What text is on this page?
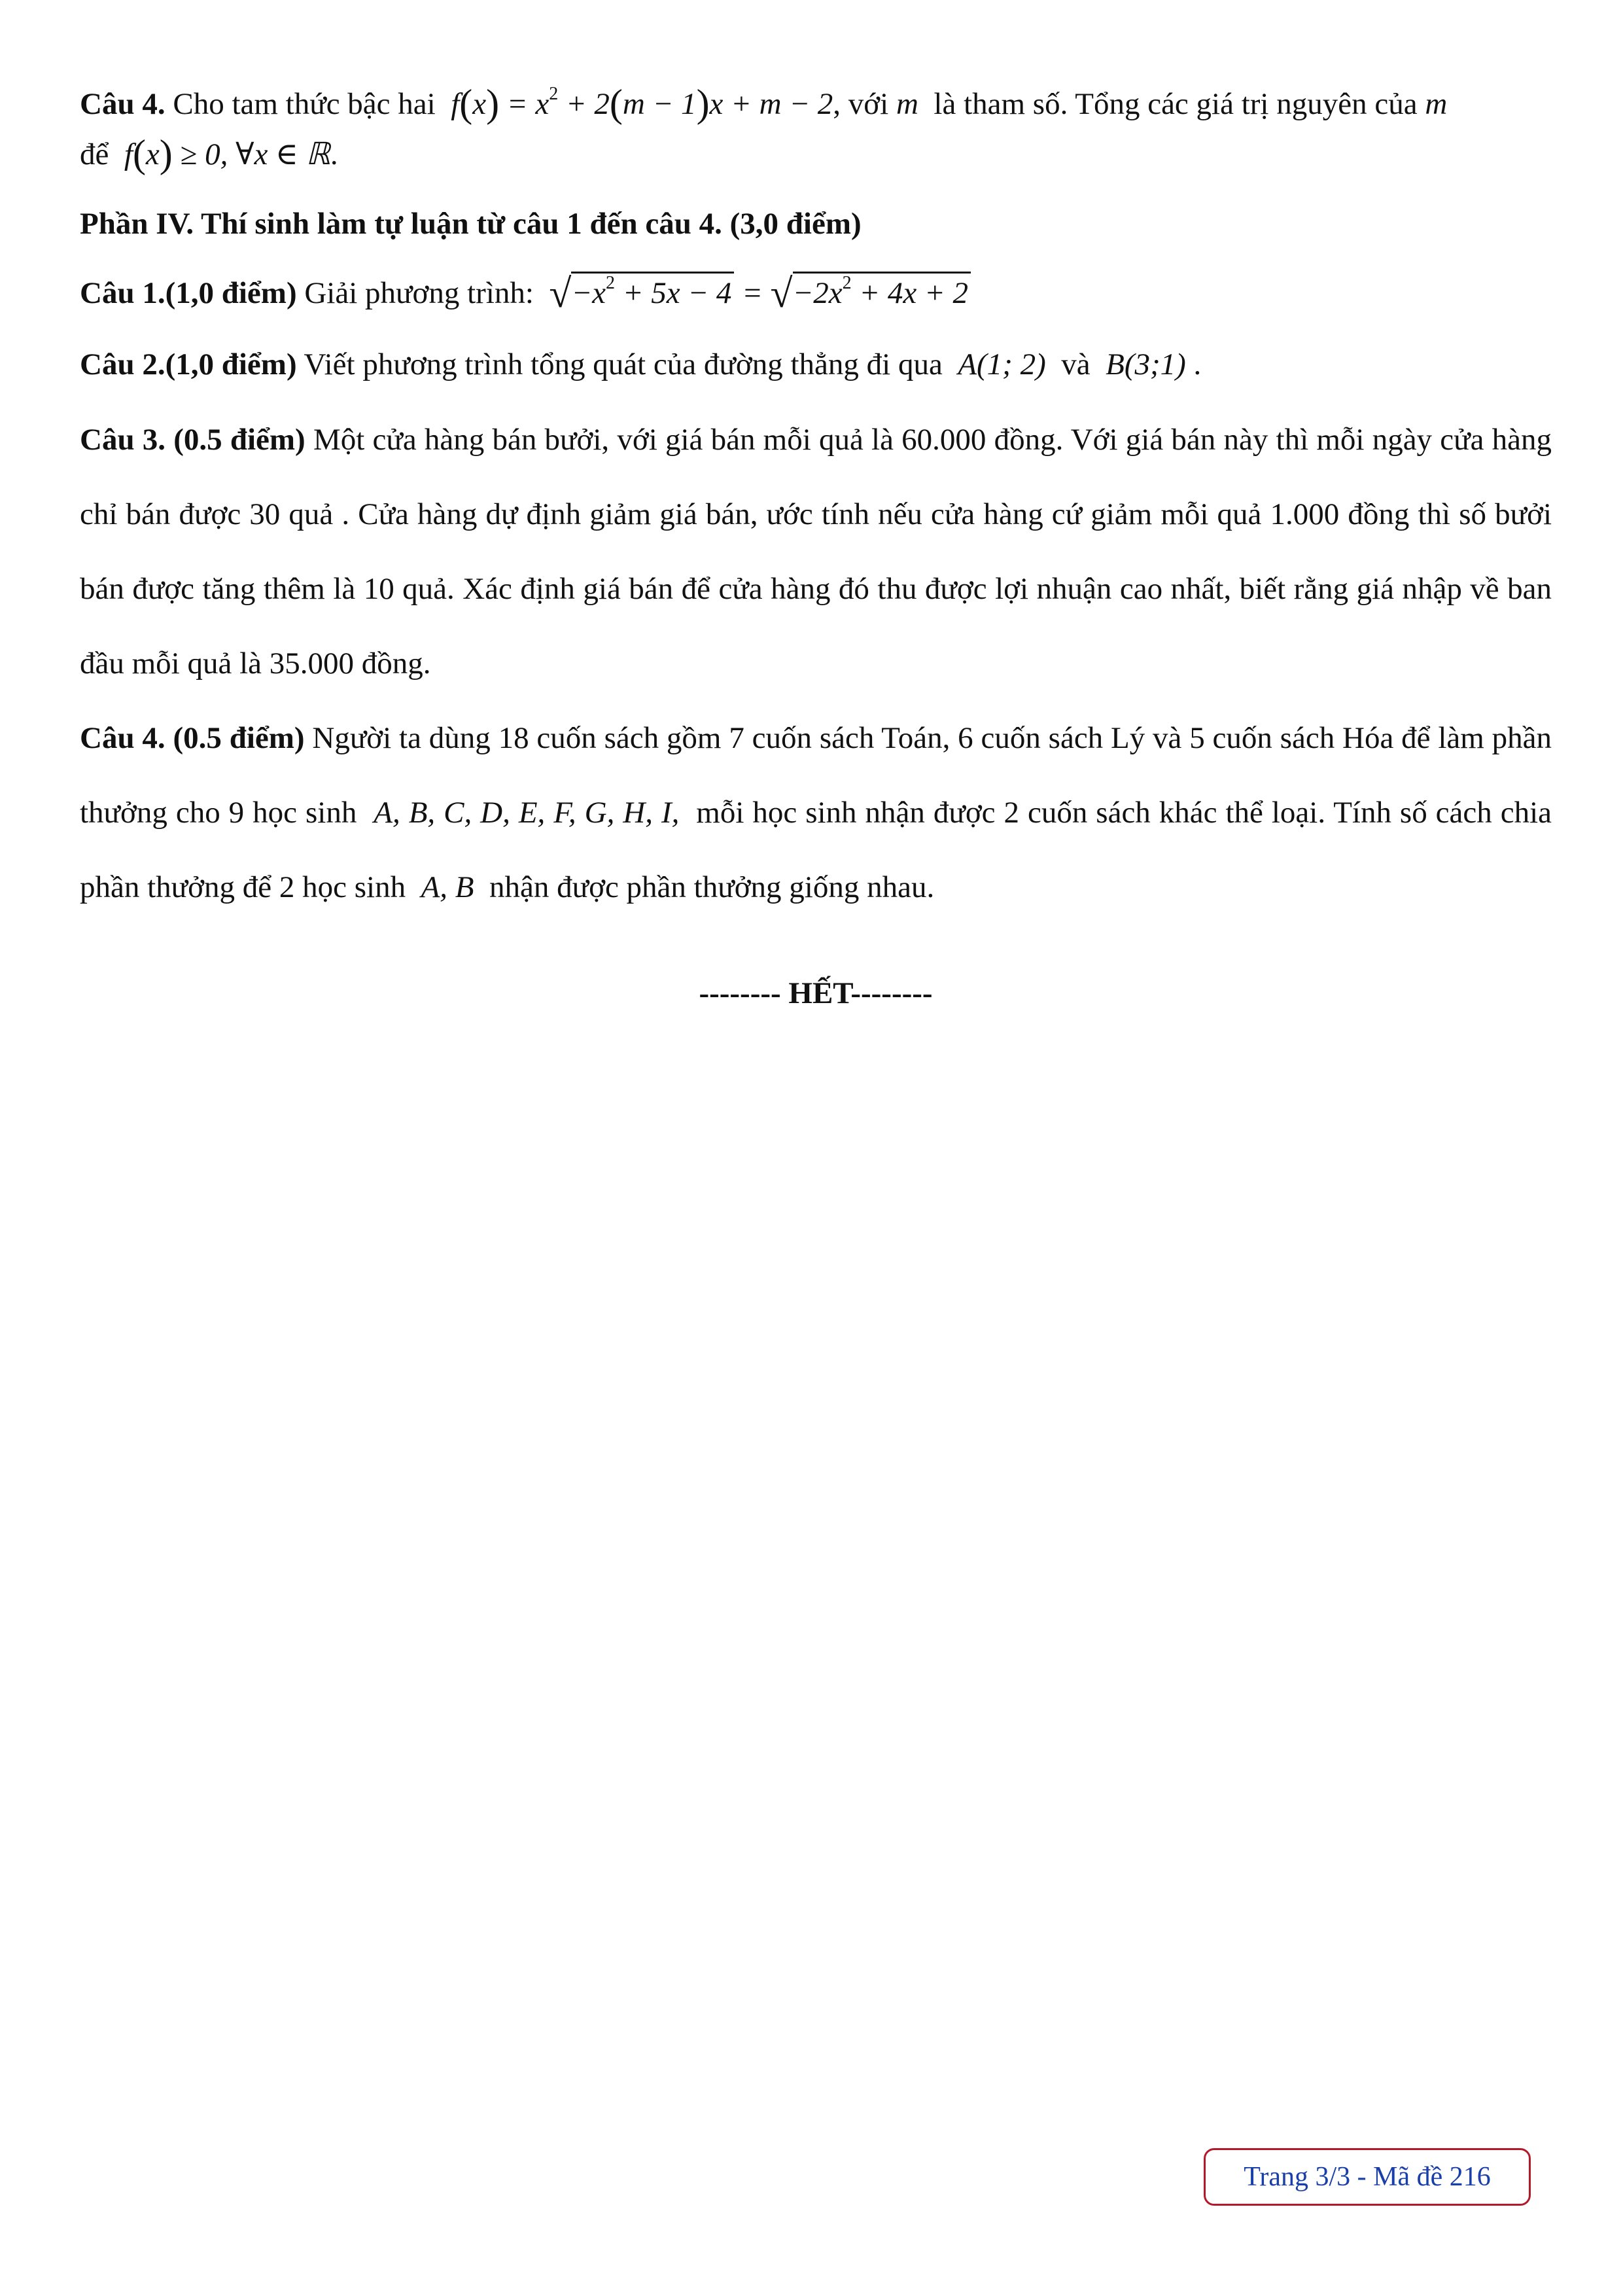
Câu 4. Cho tam thức bậc hai $f(x) = x^2 + 2(m - 1)x + m - 2$, với m là tham số. Tổng các giá trị nguyên của m
để f(x) ≥ 0, ∀x ∈ ℝ.

Phần IV. Thí sinh làm tự luận từ câu 1 đến câu 4. (3,0 điểm)

Câu 1.(1,0 điểm) Giải phương trình: $√-x^2 + 5x - 4 = √-2x^2 + 4x + 2$

Câu 2.(1,0 điểm) Viết phương trình tổng quát của đường thẳng đi qua A(1; 2) và B(3;1) .

Câu 3. (0.5 điểm) Một cửa hàng bán bưởi, với giá bán mỗi quả là 60.000 đồng. Với giá bán này thì mỗi ngày cửa hàng chỉ bán được 30 quả . Cửa hàng dự định giảm giá bán, ước tính nếu cửa hàng cứ giảm mỗi quả 1.000 đồng thì số bưởi bán được tăng thêm là 10 quả. Xác định giá bán để cửa hàng đó thu được lợi nhuận cao nhất, biết rằng giá nhập về ban đầu mỗi quả là 35.000 đồng.

Câu 4. (0.5 điểm) Người ta dùng 18 cuốn sách gồm 7 cuốn sách Toán, 6 cuốn sách Lý và 5 cuốn sách Hóa để làm phần thưởng cho 9 học sinh A, B, C, D, E, F, G, H, I, mỗi học sinh nhận được 2 cuốn sách khác thể loại. Tính số cách chia phần thưởng để 2 học sinh A, B nhận được phần thưởng giống nhau.

-------- HẾT--------
Trang 3/3 - Mã đề 216
